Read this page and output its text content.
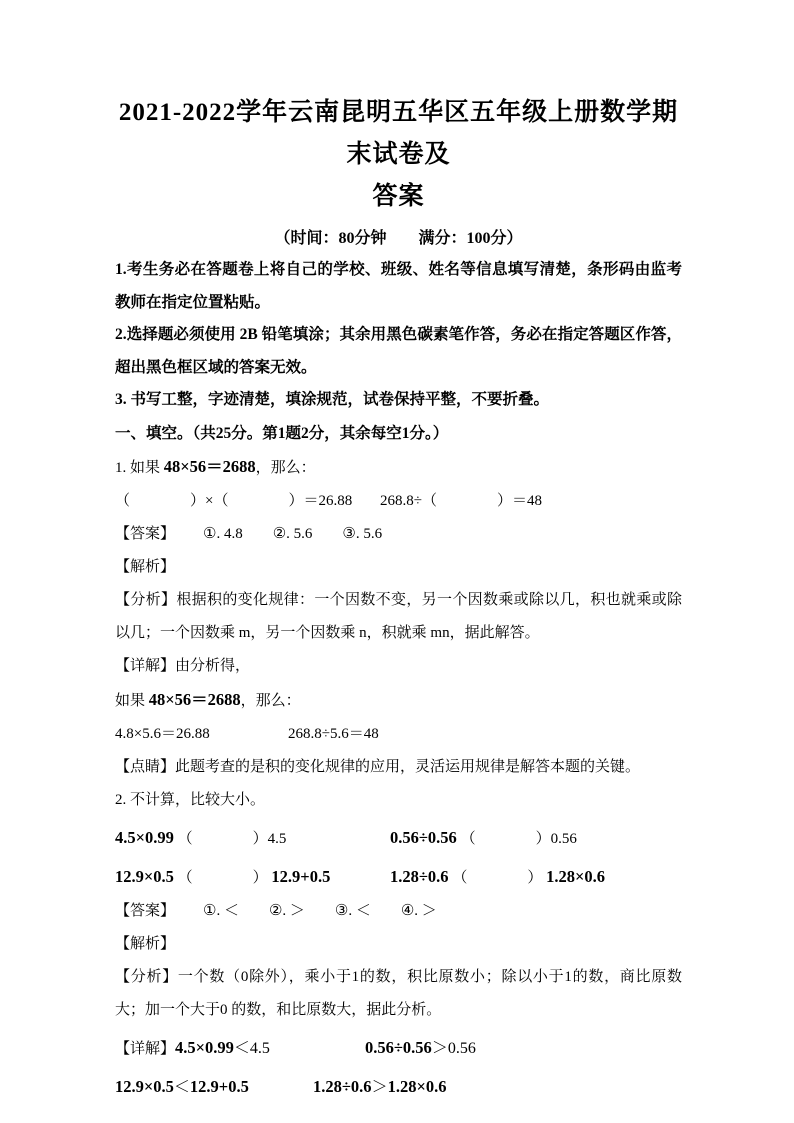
2021-2022学年云南昆明五华区五年级上册数学期末试卷及
答案
（时间：80分钟　　满分：100分）

1.考生务必在答题卷上将自己的学校、班级、姓名等信息填写清楚，条形码由监考教师在指定位置粘贴。

2.选择题必须使用 2B 铅笔填涂；其余用黑色碳素笔作答，务必在指定答题区作答，超出黑色框区域的答案无效。

3. 书写工整，字迹清楚，填涂规范，试卷保持平整，不要折叠。

一、填空。（共25分。第1题2分，其余每空1分。）

1. 如果 48×56＝2688，那么：

（　　　　）×（　　　　）＝26.88 268.8÷（　　　　）＝48

【答案】 ①. 4.8　　②. 5.6　　③. 5.6

【解析】

【分析】根据积的变化规律：一个因数不变，另一个因数乘或除以几，积也就乘或除以几；一个因数乘 m，另一个因数乘 n，积就乘 mn，据此解答。

【详解】由分析得，

如果 48×56＝2688，那么：

4.8×5.6＝26.88	268.8÷5.6＝48

【点睛】此题考查的是积的变化规律的应用，灵活运用规律是解答本题的关键。

2. 不计算，比较大小。

4.5×0.99 （　　　　）4.5	0.56÷0.56 （　　　　）0.56

12.9×0.5 （　　　　） 12.9+0.5	1.28÷0.6 （　　　　） 1.28×0.6

【答案】 ①. ＜　　②. ＞　　③. ＜　　④. ＞

【解析】

【分析】一个数（0除外），乘小于1的数，积比原数小；除以小于1的数，商比原数大；加一个大于0 的数，和比原数大，据此分析。

【详解】4.5×0.99＜4.5	0.56÷0.56＞0.56

12.9×0.5＜12.9+0.5	1.28÷0.6＞1.28×0.6
